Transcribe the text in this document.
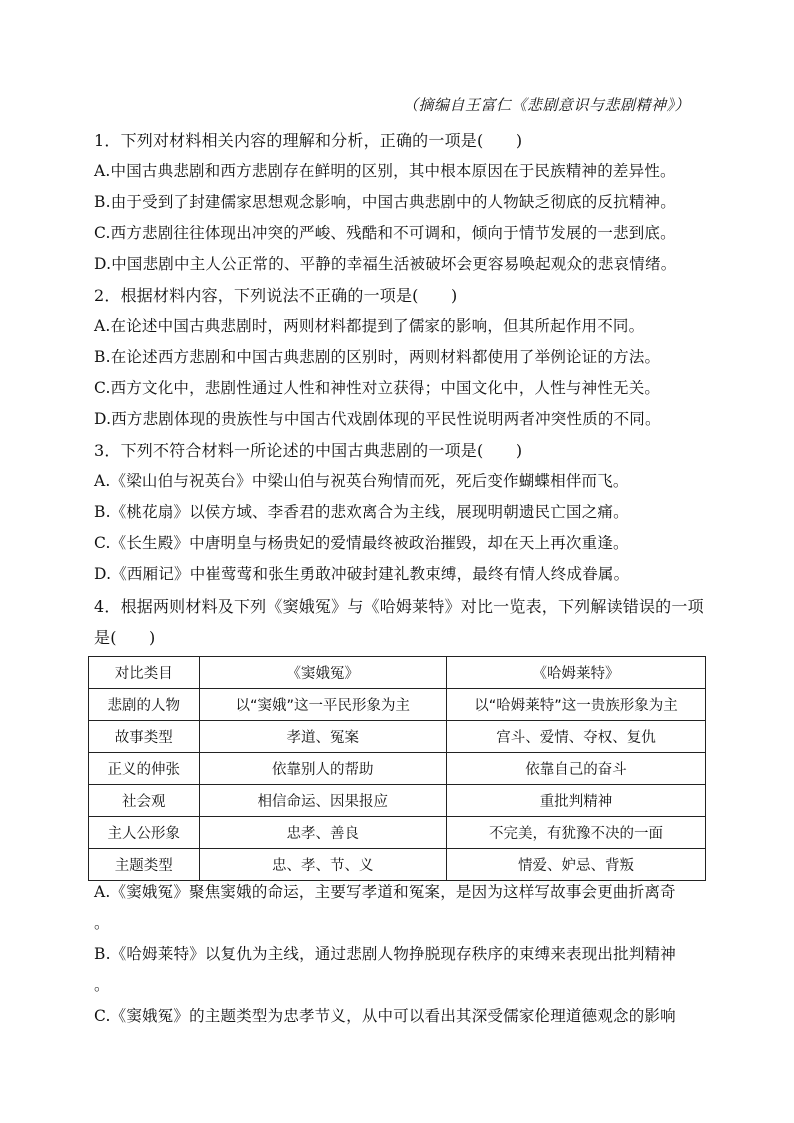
（摘编自王富仁《悲剧意识与悲剧精神》）
1．下列对材料相关内容的理解和分析，正确的一项是(　　)
A.中国古典悲剧和西方悲剧存在鲜明的区别，其中根本原因在于民族精神的差异性。
B.由于受到了封建儒家思想观念影响，中国古典悲剧中的人物缺乏彻底的反抗精神。
C.西方悲剧往往体现出冲突的严峻、残酷和不可调和，倾向于情节发展的一悲到底。
D.中国悲剧中主人公正常的、平静的幸福生活被破坏会更容易唤起观众的悲哀情绪。
2．根据材料内容，下列说法不正确的一项是(　　)
A.在论述中国古典悲剧时，两则材料都提到了儒家的影响，但其所起作用不同。
B.在论述西方悲剧和中国古典悲剧的区别时，两则材料都使用了举例论证的方法。
C.西方文化中，悲剧性通过人性和神性对立获得；中国文化中，人性与神性无关。
D.西方悲剧体现的贵族性与中国古代戏剧体现的平民性说明两者冲突性质的不同。
3．下列不符合材料一所论述的中国古典悲剧的一项是(　　)
A.《梁山伯与祝英台》中梁山伯与祝英台殉情而死，死后变作蝴蝶相伴而飞。
B.《桃花扇》以侯方域、李香君的悲欢离合为主线，展现明朝遗民亡国之痛。
C.《长生殿》中唐明皇与杨贵妃的爱情最终被政治摧毁，却在天上再次重逢。
D.《西厢记》中崔莺莺和张生勇敢冲破封建礼教束缚，最终有情人终成眷属。
4．根据两则材料及下列《窦娥冤》与《哈姆莱特》对比一览表，下列解读错误的一项
是(　　)
对比类目	《窦娥冤》	《哈姆莱特》
悲剧的人物	以“窦娥”这一平民形象为主	以“哈姆莱特”这一贵族形象为主
故事类型	孝道、冤案	宫斗、爱情、夺权、复仇
正义的伸张	依靠别人的帮助	依靠自己的奋斗
社会观	相信命运、因果报应	重批判精神
主人公形象	忠孝、善良	不完美，有犹豫不决的一面
主题类型	忠、孝、节、义	情爱、妒忌、背叛
A.《窦娥冤》聚焦窦娥的命运，主要写孝道和冤案，是因为这样写故事会更曲折离奇
。
B.《哈姆莱特》以复仇为主线，通过悲剧人物挣脱现存秩序的束缚来表现出批判精神
。
C.《窦娥冤》的主题类型为忠孝节义，从中可以看出其深受儒家伦理道德观念的影响
